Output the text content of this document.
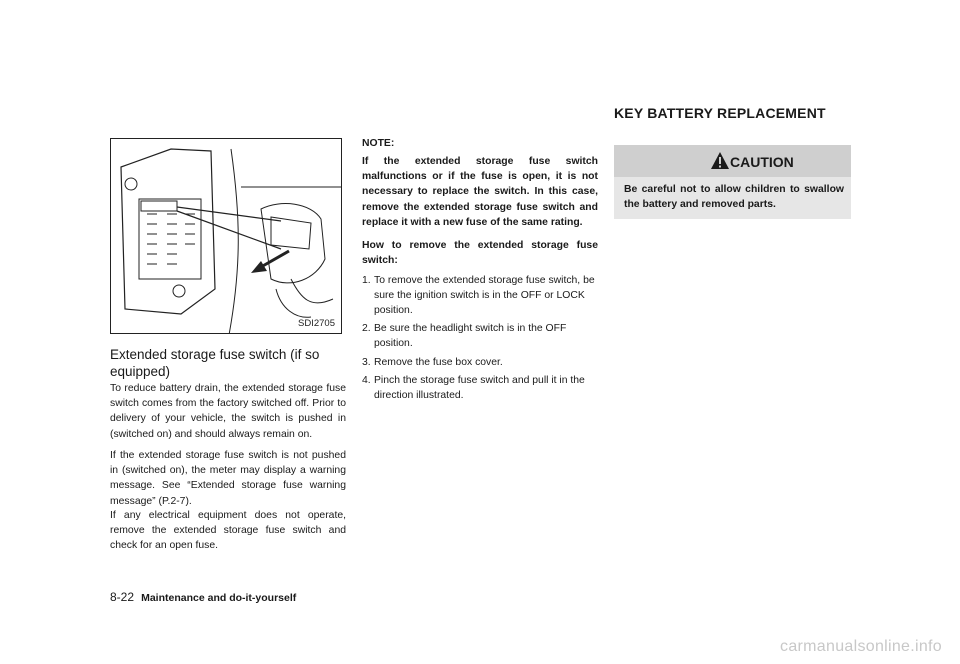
SDI2705
Extended storage fuse switch (if so equipped)

To reduce battery drain, the extended storage fuse switch comes from the factory switched off. Prior to delivery of your vehicle, the switch is pushed in (switched on) and should always remain on.

If the extended storage fuse switch is not pushed in (switched on), the meter may display a warning message. See “Extended storage fuse warning message” (P.2-7).

If any electrical equipment does not operate, remove the extended storage fuse switch and check for an open fuse.

NOTE:

If the extended storage fuse switch malfunctions or if the fuse is open, it is not necessary to replace the switch. In this case, remove the extended storage fuse switch and replace it with a new fuse of the same rating.

How to remove the extended storage fuse switch:

1. To remove the extended storage fuse switch, be sure the ignition switch is in the OFF or LOCK position.
2. Be sure the headlight switch is in the OFF position.
3. Remove the fuse box cover.
4. Pinch the storage fuse switch and pull it in the direction illustrated.
KEY BATTERY REPLACEMENT
CAUTION
Be careful not to allow children to swallow the battery and removed parts.
8-22 Maintenance and do-it-yourself
carmanualsonline.info
